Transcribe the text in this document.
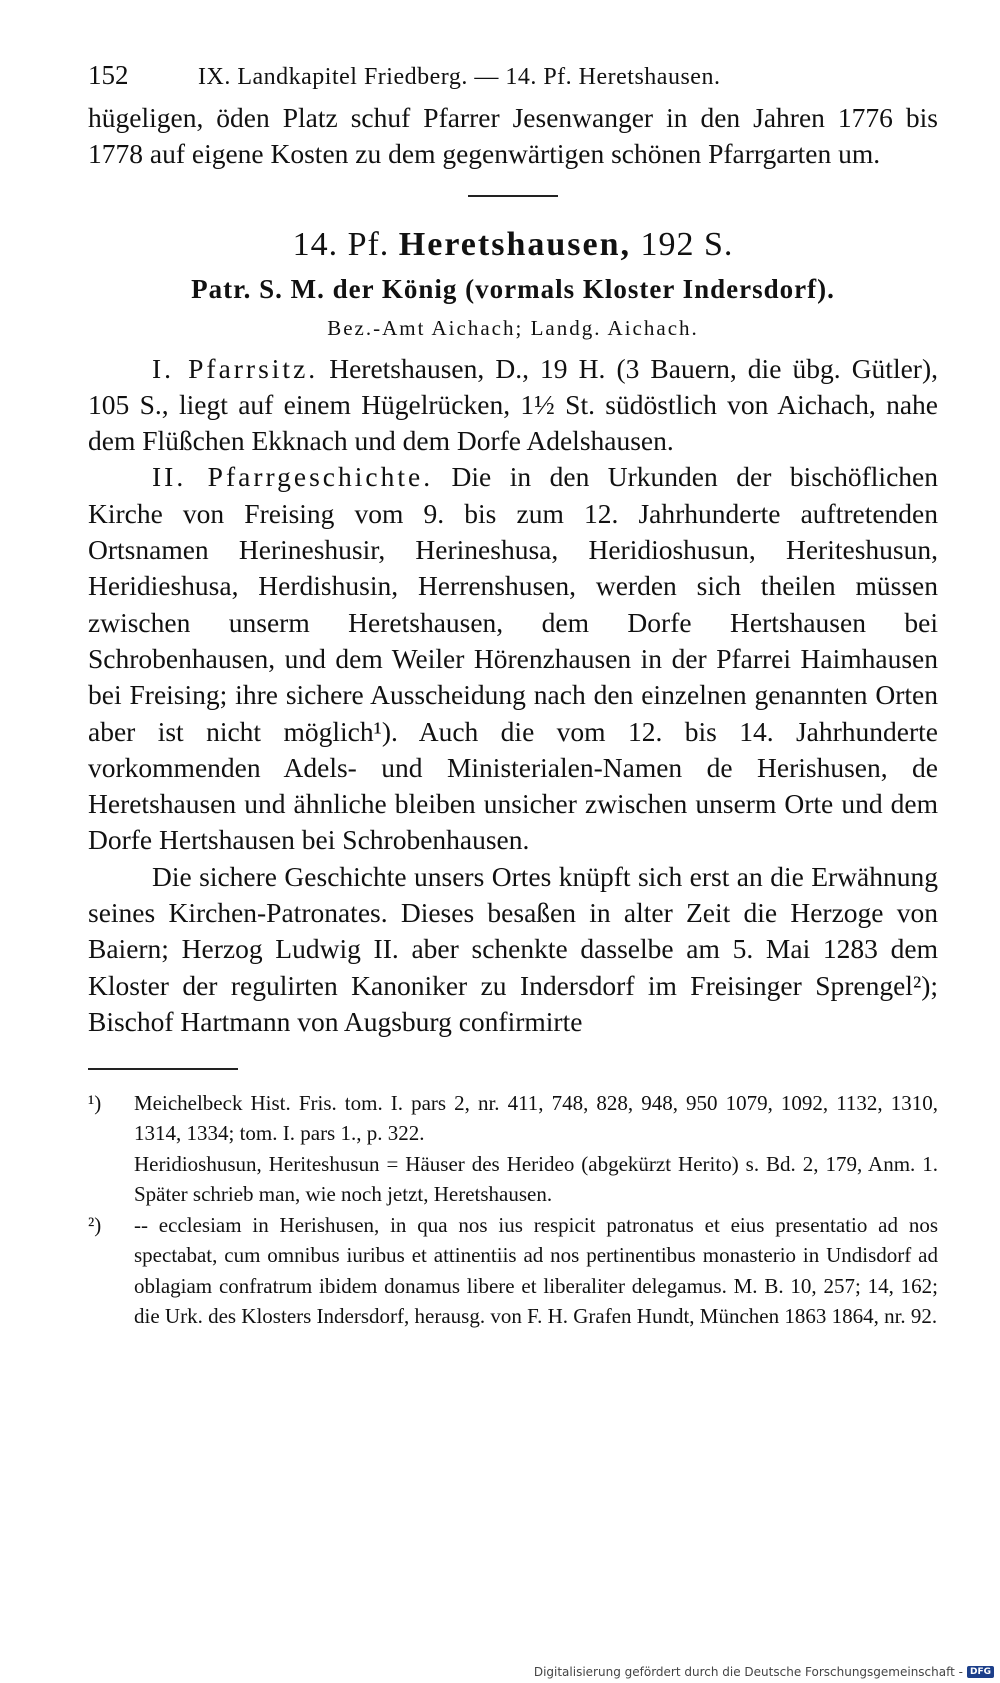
152	IX. Landkapitel Friedberg. — 14. Pf. Heretshausen.

hügeligen, öden Platz schuf Pfarrer Jesenwanger in den Jahren 1776 bis 1778 auf eigene Kosten zu dem gegenwärtigen schönen Pfarrgarten um.

14. Pf. Heretshausen, 192 S.
Patr. S. M. der König (vormals Kloster Indersdorf).
Bez.-Amt Aichach; Landg. Aichach.

I. Pfarrsitz. Heretshausen, D., 19 H. (3 Bauern, die übg. Gütler), 105 S., liegt auf einem Hügelrücken, 1½ St. südöstlich von Aichach, nahe dem Flüßchen Ekknach und dem Dorfe Adelshausen.

II. Pfarrgeschichte. Die in den Urkunden der bischöflichen Kirche von Freising vom 9. bis zum 12. Jahrhunderte auftretenden Ortsnamen Herineshusir, Herineshusa, Heridioshusun, Heriteshusun, Heridieshusa, Herdishusin, Herrenshusen, werden sich theilen müssen zwischen unserm Heretshausen, dem Dorfe Hertshausen bei Schrobenhausen, und dem Weiler Hörenzhausen in der Pfarrei Haimhausen bei Freising; ihre sichere Ausscheidung nach den einzelnen genannten Orten aber ist nicht möglich¹). Auch die vom 12. bis 14. Jahrhunderte vorkommenden Adels- und Ministerialen-Namen de Herishusen, de Heretshausen und ähnliche bleiben unsicher zwischen unserm Orte und dem Dorfe Hertshausen bei Schrobenhausen.

Die sichere Geschichte unsers Ortes knüpft sich erst an die Erwähnung seines Kirchen-Patronates. Dieses besaßen in alter Zeit die Herzoge von Baiern; Herzog Ludwig II. aber schenkte dasselbe am 5. Mai 1283 dem Kloster der regulirten Kanoniker zu Indersdorf im Freisinger Sprengel²); Bischof Hartmann von Augsburg confirmirte

¹)	Meichelbeck Hist. Fris. tom. I. pars 2, nr. 411, 748, 828, 948, 950 1079, 1092, 1132, 1310, 1314, 1334; tom. I. pars 1., p. 322.

Heridioshusun, Heriteshusun = Häuser des Herideo (abgekürzt Herito) s. Bd. 2, 179, Anm. 1. Später schrieb man, wie noch jetzt, Heretshausen.

²)	-- ecclesiam in Herishusen, in qua nos ius respicit patronatus et eius presentatio ad nos spectabat, cum omnibus iuribus et attinentiis ad nos pertinentibus monasterio in Undisdorf ad oblagiam confratrum ibidem donamus libere et liberaliter delegamus. M. B. 10, 257; 14, 162; die Urk. des Klosters Indersdorf, herausg. von F. H. Grafen Hundt, München 1863 1864, nr. 92.

Digitalisierung gefördert durch die Deutsche Forschungsgemeinschaft - DFG
